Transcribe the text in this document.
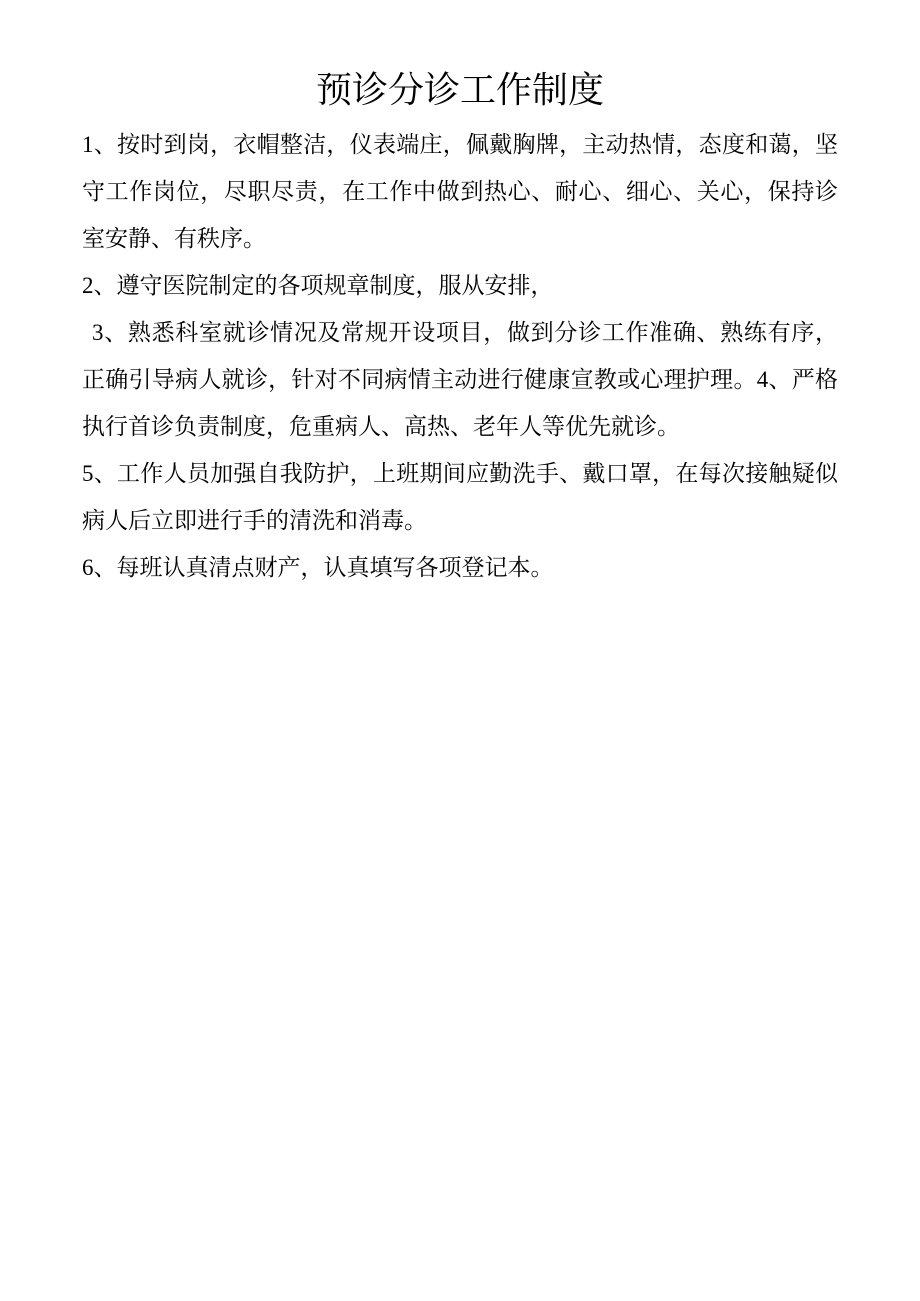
预诊分诊工作制度
1、按时到岗，衣帽整洁，仪表端庄，佩戴胸牌，主动热情，态度和蔼，坚
守工作岗位，尽职尽责，在工作中做到热心、耐心、细心、关心，保持诊
室安静、有秩序。
2、遵守医院制定的各项规章制度，服从安排，
3、熟悉科室就诊情况及常规开设项目，做到分诊工作准确、熟练有序，
正确引导病人就诊，针对不同病情主动进行健康宣教或心理护理。4、严格
执行首诊负责制度，危重病人、高热、老年人等优先就诊。
5、工作人员加强自我防护，上班期间应勤洗手、戴口罩，在每次接触疑似
病人后立即进行手的清洗和消毒。
6、每班认真清点财产，认真填写各项登记本。
